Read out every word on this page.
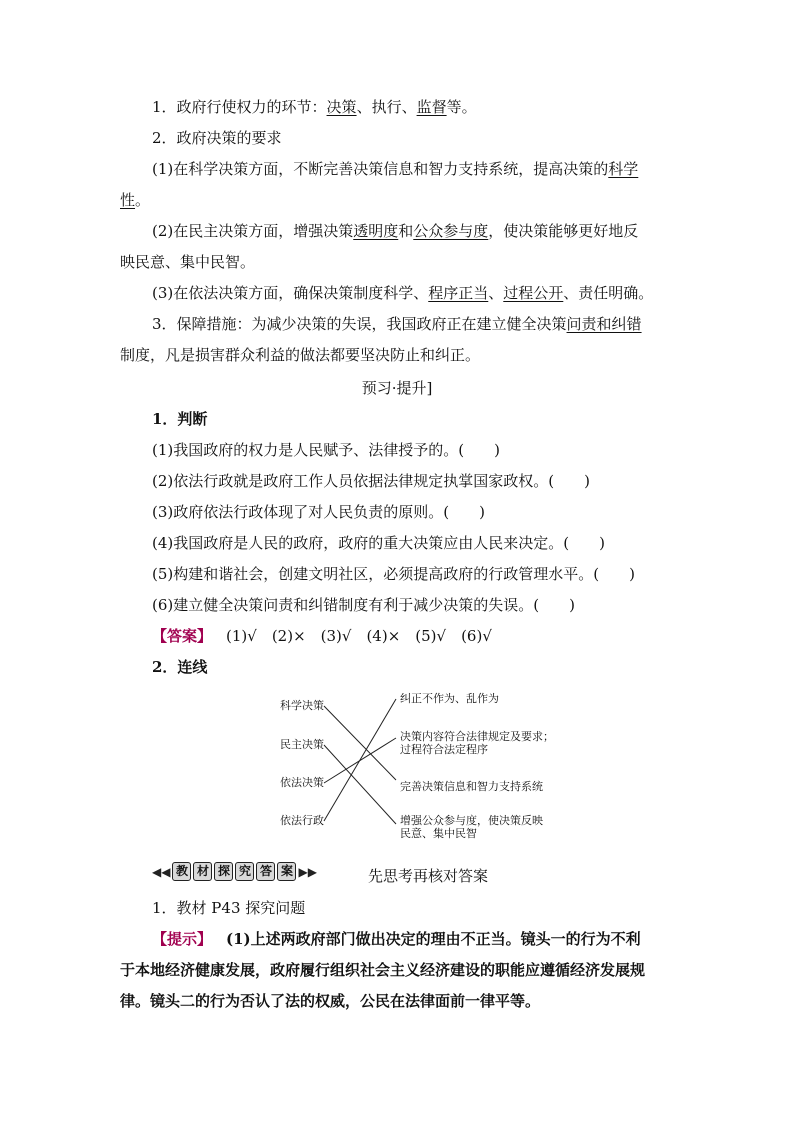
1．政府行使权力的环节：决策、执行、监督等。
2．政府决策的要求
(1)在科学决策方面，不断完善决策信息和智力支持系统，提高决策的科学
性。
(2)在民主决策方面，增强决策透明度和公众参与度，使决策能够更好地反
映民意、集中民智。
(3)在依法决策方面，确保决策制度科学、程序正当、过程公开、责任明确。
3．保障措施：为减少决策的失误，我国政府正在建立健全决策问责和纠错
制度，凡是损害群众利益的做法都要坚决防止和纠正。
预习·提升]
1．判断
(1)我国政府的权力是人民赋予、法律授予的。(　　)
(2)依法行政就是政府工作人员依据法律规定执掌国家政权。(　　)
(3)政府依法行政体现了对人民负责的原则。(　　)
(4)我国政府是人民的政府，政府的重大决策应由人民来决定。(　　)
(5)构建和谐社会，创建文明社区，必须提高政府的行政管理水平。(　　)
(6)建立健全决策问责和纠错制度有利于减少决策的失误。(　　)
【答案】 (1)√　(2)×　(3)√　(4)×　(5)√　(6)√
2．连线
科学决策
民主决策
依法决策
依法行政
纠正不作为、乱作为
决策内容符合法律规定及要求；
过程符合法定程序
完善决策信息和智力支持系统
增强公众参与度，使决策反映
民意、集中民智
◀◀ 教 材 探 究 答 案 ▶▶	先思考再核对答案
1．教材 P43 探究问题
【提示】 (1)上述两政府部门做出决定的理由不正当。镜头一的行为不利
于本地经济健康发展，政府履行组织社会主义经济建设的职能应遵循经济发展规
律。镜头二的行为否认了法的权威，公民在法律面前一律平等。
